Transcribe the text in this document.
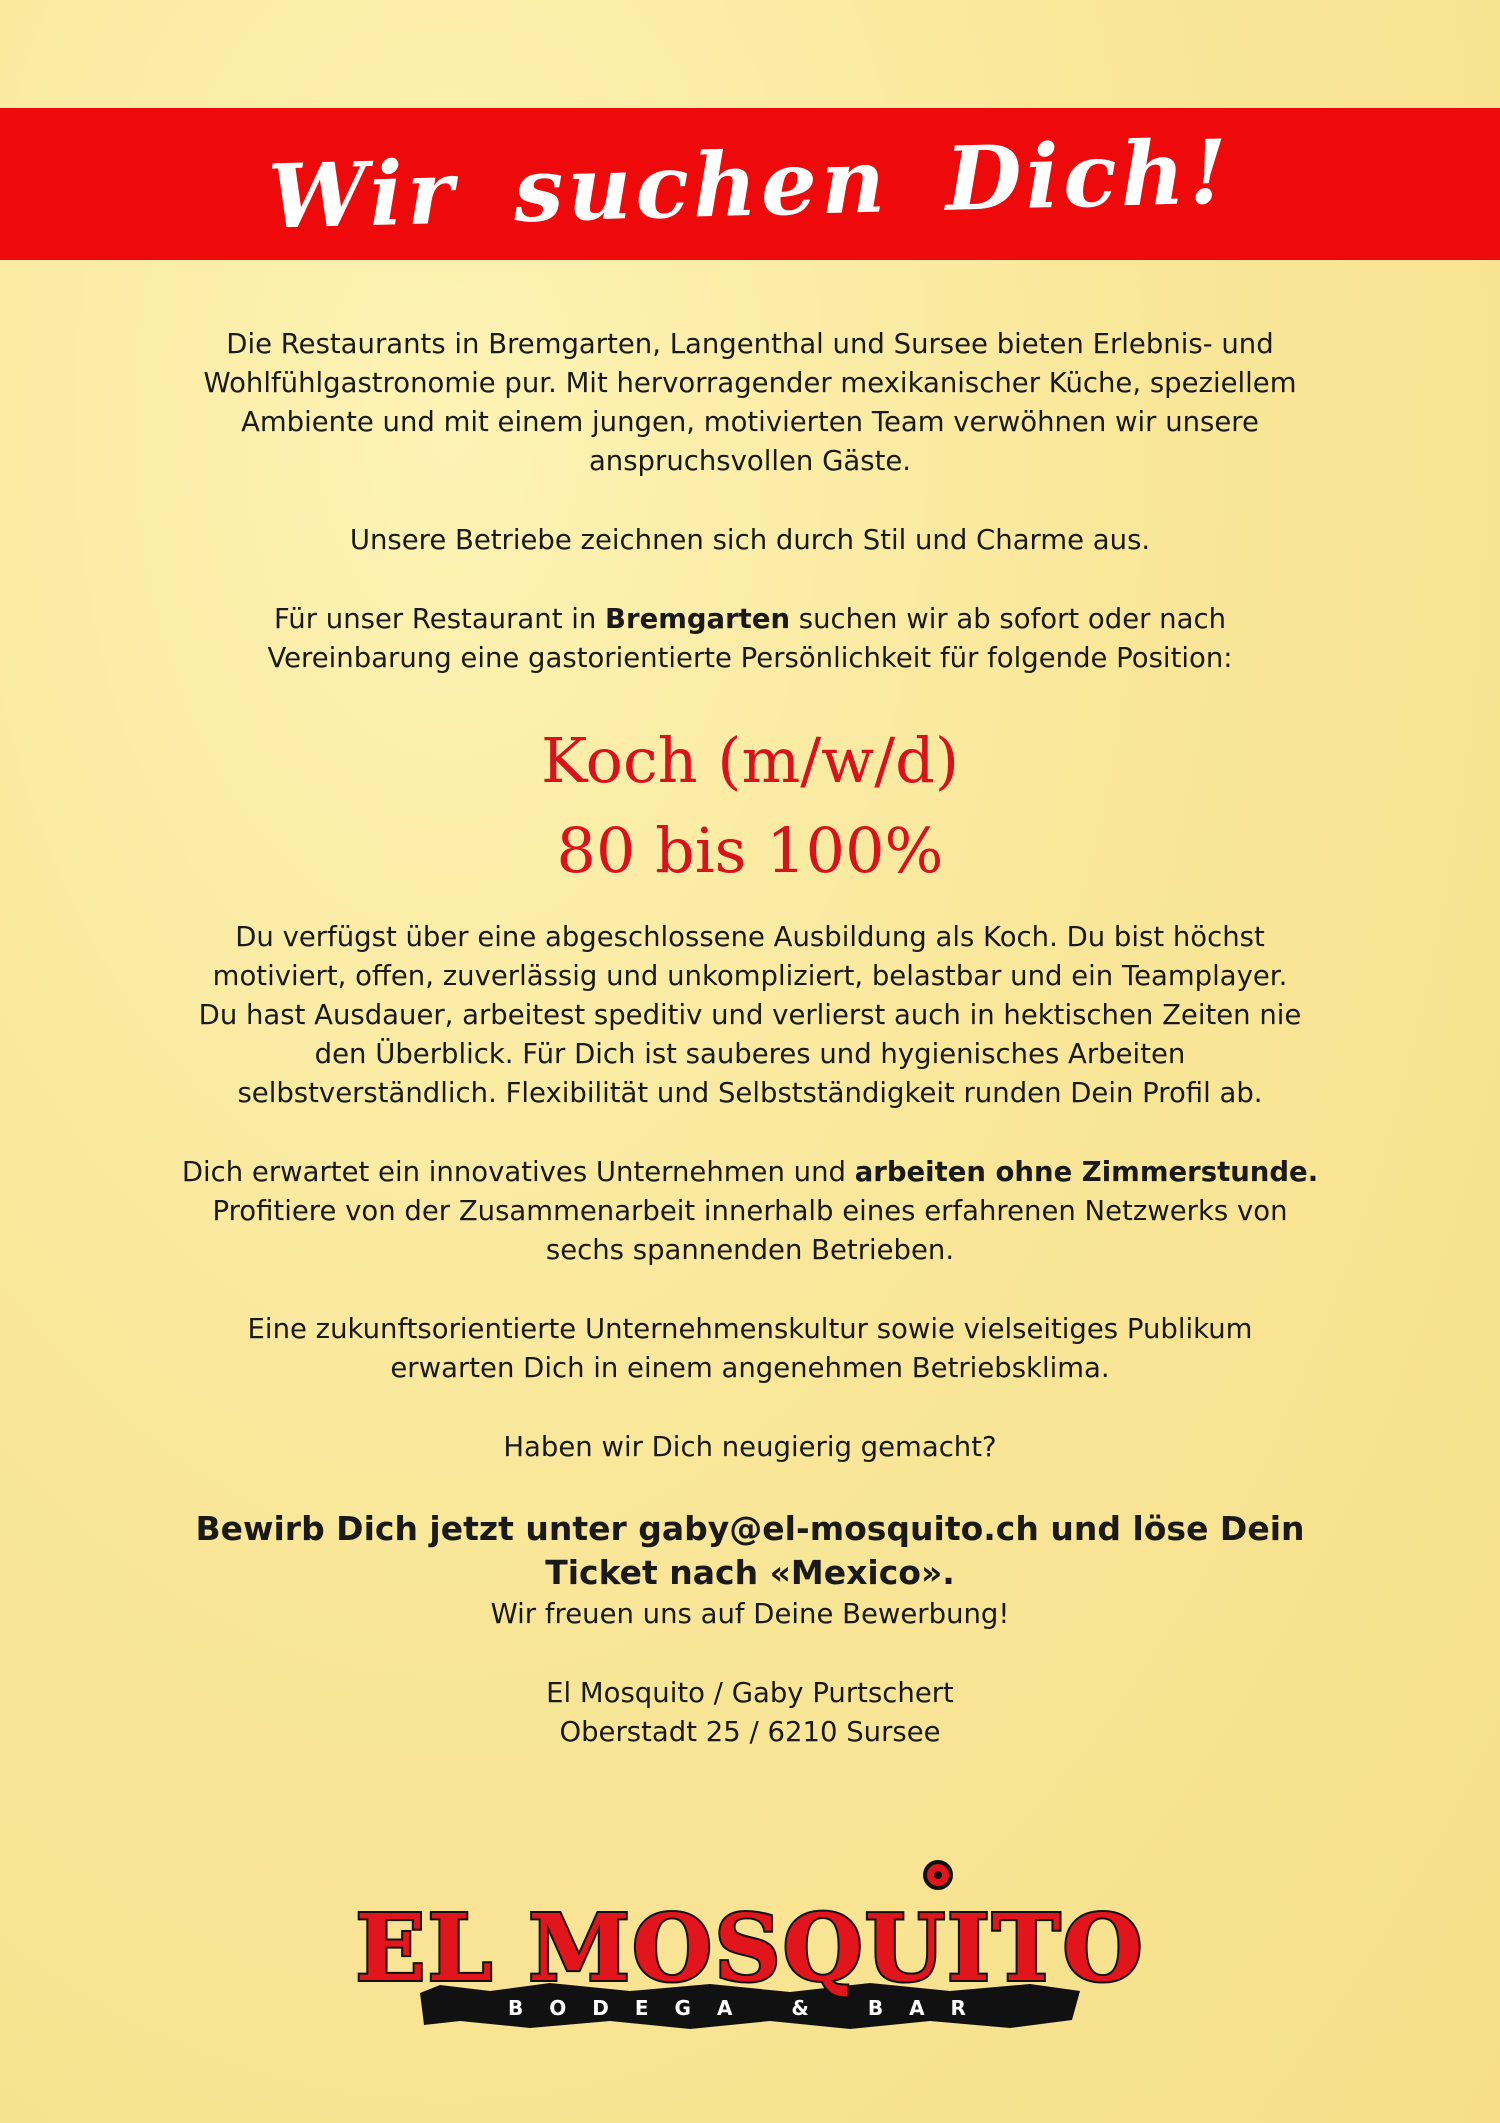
Wir suchen Dich!

Die Restaurants in Bremgarten, Langenthal und Sursee bieten Erlebnis- und

Wohlfühlgastronomie pur. Mit hervorragender mexikanischer Küche, speziellem

Ambiente und mit einem jungen, motivierten Team verwöhnen wir unsere

anspruchsvollen Gäste.

Unsere Betriebe zeichnen sich durch Stil und Charme aus.

Für unser Restaurant in Bremgarten suchen wir ab sofort oder nach

Vereinbarung eine gastorientierte Persönlichkeit für folgende Position:

Koch (m/w/d)
80 bis 100%

Du verfügst über eine abgeschlossene Ausbildung als Koch. Du bist höchst

motiviert, offen, zuverlässig und unkompliziert, belastbar und ein Teamplayer.

Du hast Ausdauer, arbeitest speditiv und verlierst auch in hektischen Zeiten nie

den Überblick. Für Dich ist sauberes und hygienisches Arbeiten

selbstverständlich. Flexibilität und Selbstständigkeit runden Dein Profil ab.

Dich erwartet ein innovatives Unternehmen und arbeiten ohne Zimmerstunde.

Profitiere von der Zusammenarbeit innerhalb eines erfahrenen Netzwerks von

sechs spannenden Betrieben.

Eine zukunftsorientierte Unternehmenskultur sowie vielseitiges Publikum

erwarten Dich in einem angenehmen Betriebsklima.

Haben wir Dich neugierig gemacht?

Bewirb Dich jetzt unter gaby@el-mosquito.ch und löse Dein
Ticket nach «Mexico».

Wir freuen uns auf Deine Bewerbung!

El Mosquito / Gaby Purtschert

Oberstadt 25 / 6210 Sursee

BODEGA & BAR
EL MOSQUITO
